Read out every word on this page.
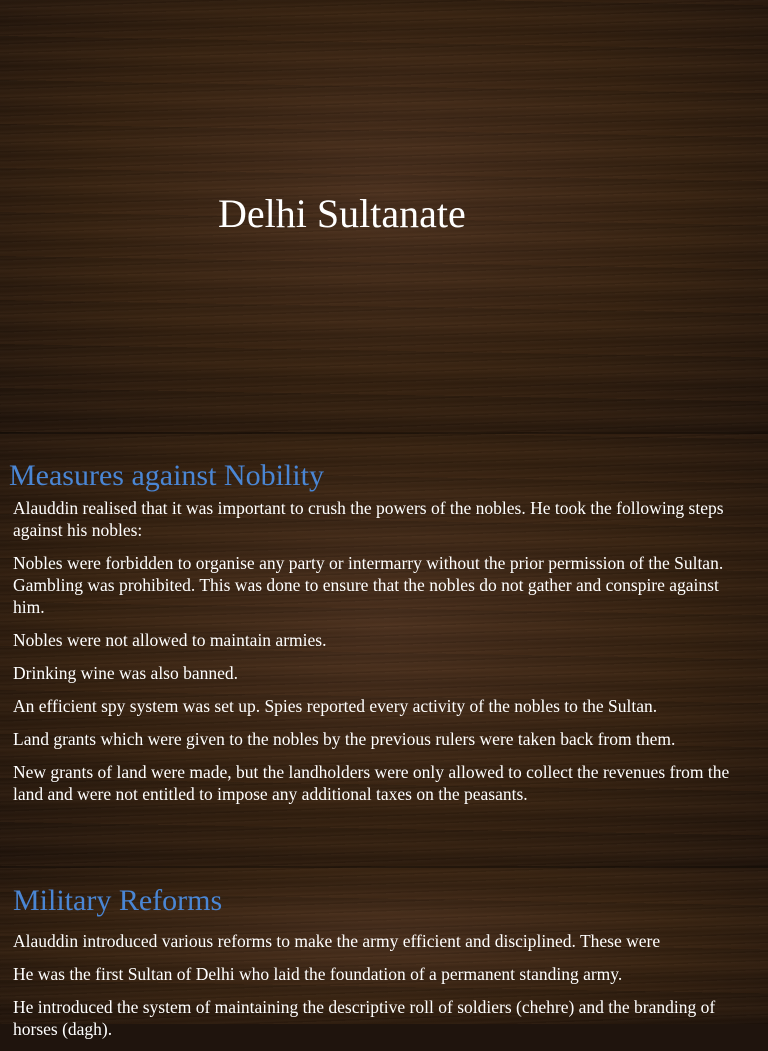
Delhi Sultanate
Measures against Nobility
Alauddin realised that it was important to crush the powers of the nobles. He took the following steps against his nobles:
Nobles were forbidden to organise any party or intermarry without the prior permission of the Sultan. Gambling was prohibited. This was done to ensure that the nobles do not gather and conspire against him.
Nobles were not allowed to maintain armies.
Drinking wine was also banned.
An efficient spy system was set up. Spies reported every activity of the nobles to the Sultan.
Land grants which were given to the nobles by the previous rulers were taken back from them.
New grants of land were made, but the landholders were only allowed to collect the revenues from the land and were not entitled to impose any additional taxes on the peasants.
Military Reforms
Alauddin introduced various reforms to make the army efficient and disciplined. These were
He was the first Sultan of Delhi who laid the foundation of a permanent standing army.
He introduced the system of maintaining the descriptive roll of soldiers (chehre) and the branding of horses (dagh).
